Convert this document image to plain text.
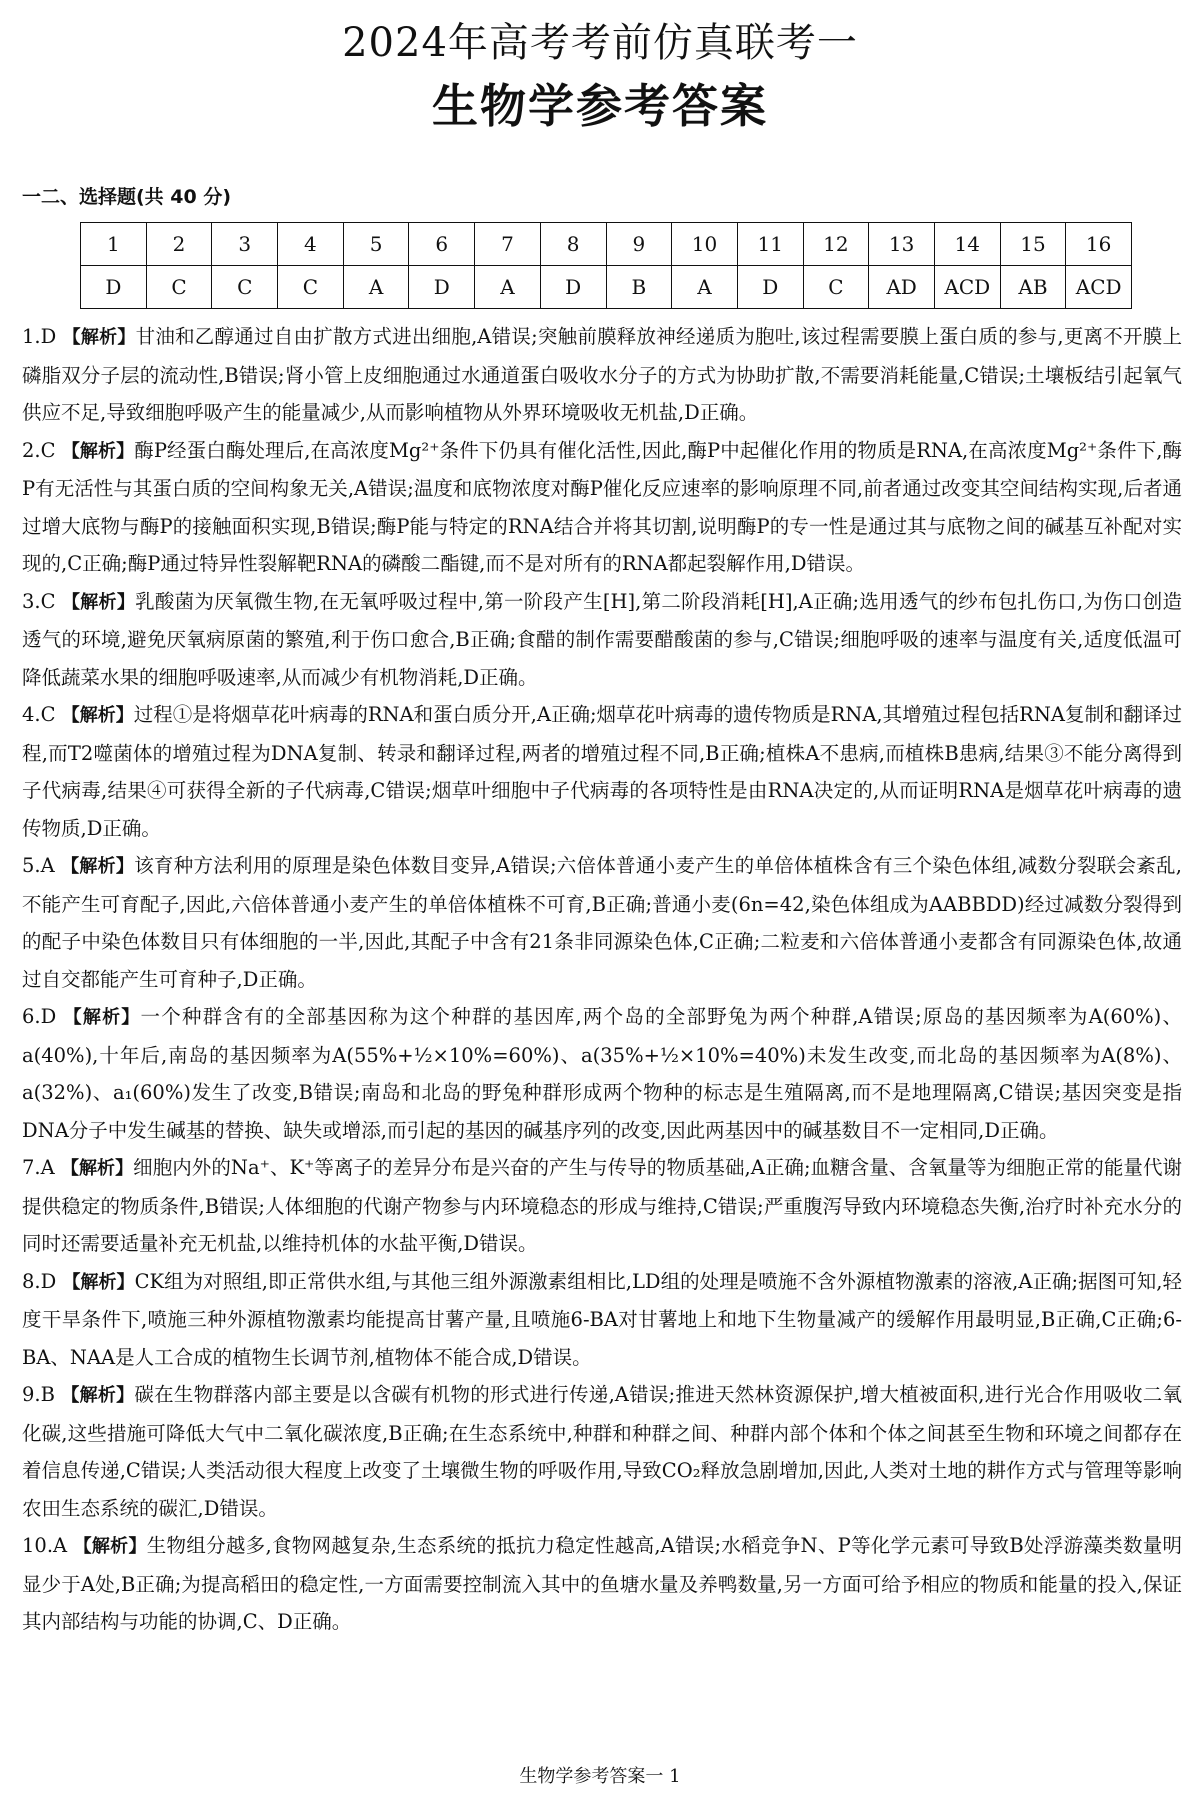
2024年高考考前仿真联考一
生物学参考答案
一二、选择题(共 40 分)
1	2	3	4	5	6	7	8	9	10	11	12	13	14	15	16
D	C	C	C	A	D	A	D	B	A	D	C	AD	ACD	AB	ACD

1.D 【解析】甘油和乙醇通过自由扩散方式进出细胞,A错误;突触前膜释放神经递质为胞吐,该过程需要膜上蛋白质的参与,更离不开膜上磷脂双分子层的流动性,B错误;肾小管上皮细胞通过水通道蛋白吸收水分子的方式为协助扩散,不需要消耗能量,C错误;土壤板结引起氧气供应不足,导致细胞呼吸产生的能量减少,从而影响植物从外界环境吸收无机盐,D正确。

2.C 【解析】酶P经蛋白酶处理后,在高浓度Mg²⁺条件下仍具有催化活性,因此,酶P中起催化作用的物质是RNA,在高浓度Mg²⁺条件下,酶P有无活性与其蛋白质的空间构象无关,A错误;温度和底物浓度对酶P催化反应速率的影响原理不同,前者通过改变其空间结构实现,后者通过增大底物与酶P的接触面积实现,B错误;酶P能与特定的RNA结合并将其切割,说明酶P的专一性是通过其与底物之间的碱基互补配对实现的,C正确;酶P通过特异性裂解靶RNA的磷酸二酯键,而不是对所有的RNA都起裂解作用,D错误。

3.C 【解析】乳酸菌为厌氧微生物,在无氧呼吸过程中,第一阶段产生[H],第二阶段消耗[H],A正确;选用透气的纱布包扎伤口,为伤口创造透气的环境,避免厌氧病原菌的繁殖,利于伤口愈合,B正确;食醋的制作需要醋酸菌的参与,C错误;细胞呼吸的速率与温度有关,适度低温可降低蔬菜水果的细胞呼吸速率,从而减少有机物消耗,D正确。

4.C 【解析】过程①是将烟草花叶病毒的RNA和蛋白质分开,A正确;烟草花叶病毒的遗传物质是RNA,其增殖过程包括RNA复制和翻译过程,而T2噬菌体的增殖过程为DNA复制、转录和翻译过程,两者的增殖过程不同,B正确;植株A不患病,而植株B患病,结果③不能分离得到子代病毒,结果④可获得全新的子代病毒,C错误;烟草叶细胞中子代病毒的各项特性是由RNA决定的,从而证明RNA是烟草花叶病毒的遗传物质,D正确。

5.A 【解析】该育种方法利用的原理是染色体数目变异,A错误;六倍体普通小麦产生的单倍体植株含有三个染色体组,减数分裂联会紊乱,不能产生可育配子,因此,六倍体普通小麦产生的单倍体植株不可育,B正确;普通小麦(6n=42,染色体组成为AABBDD)经过减数分裂得到的配子中染色体数目只有体细胞的一半,因此,其配子中含有21条非同源染色体,C正确;二粒麦和六倍体普通小麦都含有同源染色体,故通过自交都能产生可育种子,D正确。

6.D 【解析】一个种群含有的全部基因称为这个种群的基因库,两个岛的全部野兔为两个种群,A错误;原岛的基因频率为A(60%)、a(40%),十年后,南岛的基因频率为A(55%+½×10%=60%)、a(35%+½×10%=40%)未发生改变,而北岛的基因频率为A(8%)、a(32%)、a₁(60%)发生了改变,B错误;南岛和北岛的野兔种群形成两个物种的标志是生殖隔离,而不是地理隔离,C错误;基因突变是指DNA分子中发生碱基的替换、缺失或增添,而引起的基因的碱基序列的改变,因此两基因中的碱基数目不一定相同,D正确。

7.A 【解析】细胞内外的Na⁺、K⁺等离子的差异分布是兴奋的产生与传导的物质基础,A正确;血糖含量、含氧量等为细胞正常的能量代谢提供稳定的物质条件,B错误;人体细胞的代谢产物参与内环境稳态的形成与维持,C错误;严重腹泻导致内环境稳态失衡,治疗时补充水分的同时还需要适量补充无机盐,以维持机体的水盐平衡,D错误。

8.D 【解析】CK组为对照组,即正常供水组,与其他三组外源激素组相比,LD组的处理是喷施不含外源植物激素的溶液,A正确;据图可知,轻度干旱条件下,喷施三种外源植物激素均能提高甘薯产量,且喷施6-BA对甘薯地上和地下生物量减产的缓解作用最明显,B正确,C正确;6-BA、NAA是人工合成的植物生长调节剂,植物体不能合成,D错误。

9.B 【解析】碳在生物群落内部主要是以含碳有机物的形式进行传递,A错误;推进天然林资源保护,增大植被面积,进行光合作用吸收二氧化碳,这些措施可降低大气中二氧化碳浓度,B正确;在生态系统中,种群和种群之间、种群内部个体和个体之间甚至生物和环境之间都存在着信息传递,C错误;人类活动很大程度上改变了土壤微生物的呼吸作用,导致CO₂释放急剧增加,因此,人类对土地的耕作方式与管理等影响农田生态系统的碳汇,D错误。

10.A 【解析】生物组分越多,食物网越复杂,生态系统的抵抗力稳定性越高,A错误;水稻竞争N、P等化学元素可导致B处浮游藻类数量明显少于A处,B正确;为提高稻田的稳定性,一方面需要控制流入其中的鱼塘水量及养鸭数量,另一方面可给予相应的物质和能量的投入,保证其内部结构与功能的协调,C、D正确。

生物学参考答案一 1
